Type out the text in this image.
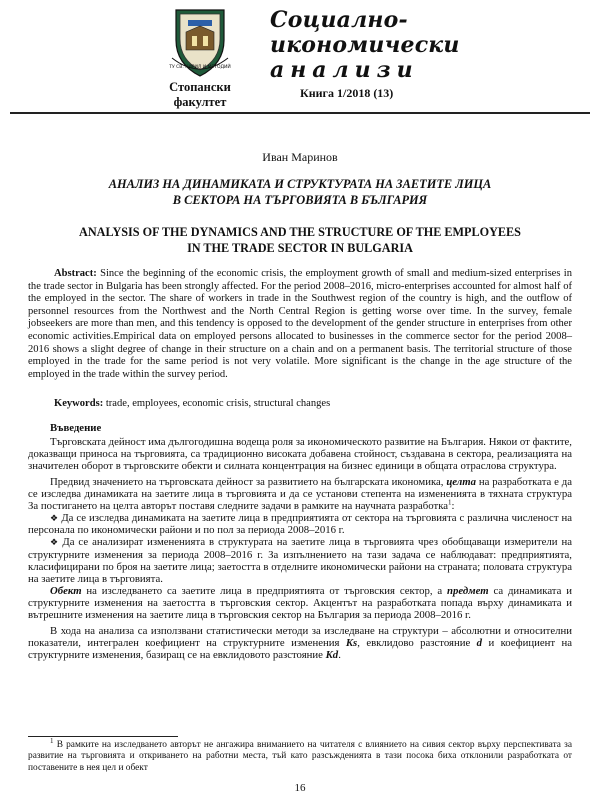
ТУ СВ. КИРИЛ И МЕТОДИЙ
Стопански
факултет
Социално-
икономически
анализи
Книга 1/2018 (13)
Иван Маринов
АНАЛИЗ НА ДИНАМИКАТА И СТРУКТУРАТА НА ЗАЕТИТЕ ЛИЦА
В СЕКТОРА НА ТЪРГОВИЯТА В БЪЛГАРИЯ
ANALYSIS OF THE DYNAMICS AND THE STRUCTURE OF THE EMPLOYEES
IN THE TRADE SECTOR IN BULGARIA

Abstract: Since the beginning of the economic crisis, the employment growth of small and medium-sized enterprises in the trade sector in Bulgaria has been strongly affected. For the period 2008–2016, micro-enterprises accounted for almost half of the employed in the sector. The share of workers in trade in the Southwest region of the country is high, and the outflow of personnel resources from the Northwest and the North Central Region is getting worse over time. In the survey, female jobseekers are more than men, and this tendency is opposed to the development of the gender structure in enterprises from other economic activities.Empirical data on employed persons allocated to businesses in the commerce sector for the period 2008–2016 shows a slight degree of change in their structure on a chain and on a permanent basis. The territorial structure of those employed in the trade for the same period is not very volatile. More significant is the change in the age structure of the employed in the trade within the survey period.

Keywords: trade, employees, economic crisis, structural changes
Въведение

Търговската дейност има дългогодишна водеща роля за икономическото развитие на България. Някои от фактите, доказващи приноса на търговията, са традиционно високата добавена стойност, създавана в сектора, реализацията на значителен оборот в търговските обекти и силната концентрация на бизнес единици в общата отраслова структура.

Предвид значението на търговската дейност за развитието на българската икономика, целта на разработката е да се изследва динамиката на заетите лица в търговията и да се установи степента на измененията в тяхната структура За постигането на целта авторът поставя следните задачи в рамките на научната разработка$^1$:

❖ Да се изследва динамиката на заетите лица в предприятията от сектора на търговията с различна численост на персонала по икономически райони и по пол за периода 2008–2016 г.

❖ Да се анализират измененията в структурата на заетите лица в търговията чрез обобщаващи измерители на структурните изменения за периода 2008–2016 г. За изпълнението на тази задача се наблюдават: предприятията, класифицирани по броя на заетите лица; заетостта в отделните икономически райони на страната; половата структура на заетите лица в търговията.

Обект на изследването са заетите лица в предприятията от търговския сектор, а предмет са динамиката и структурните изменения на заетостта в търговския сектор. Акцентът на разработката попада върху динамиката и вътрешните изменения на заетите лица в търговския сектор на България за периода 2008–2016 г.

В хода на анализа са използвани статистически методи за изследване на структури – абсолютни и относителни показатели, интегрален коефициент на структурните изменения Ks, евклидово разстояние d и коефициент на структурните изменения, базиращ се на евклидовото разстояние Kd.

$^1$ В рамките на изследването авторът не ангажира вниманието на читателя с влиянието на сивия сектор върху перспективата за развитие на търговията и откриването на работни места, тъй като разсъжденията в тази посока биха отклонили разработката от поставените в нея цел и обект

16
